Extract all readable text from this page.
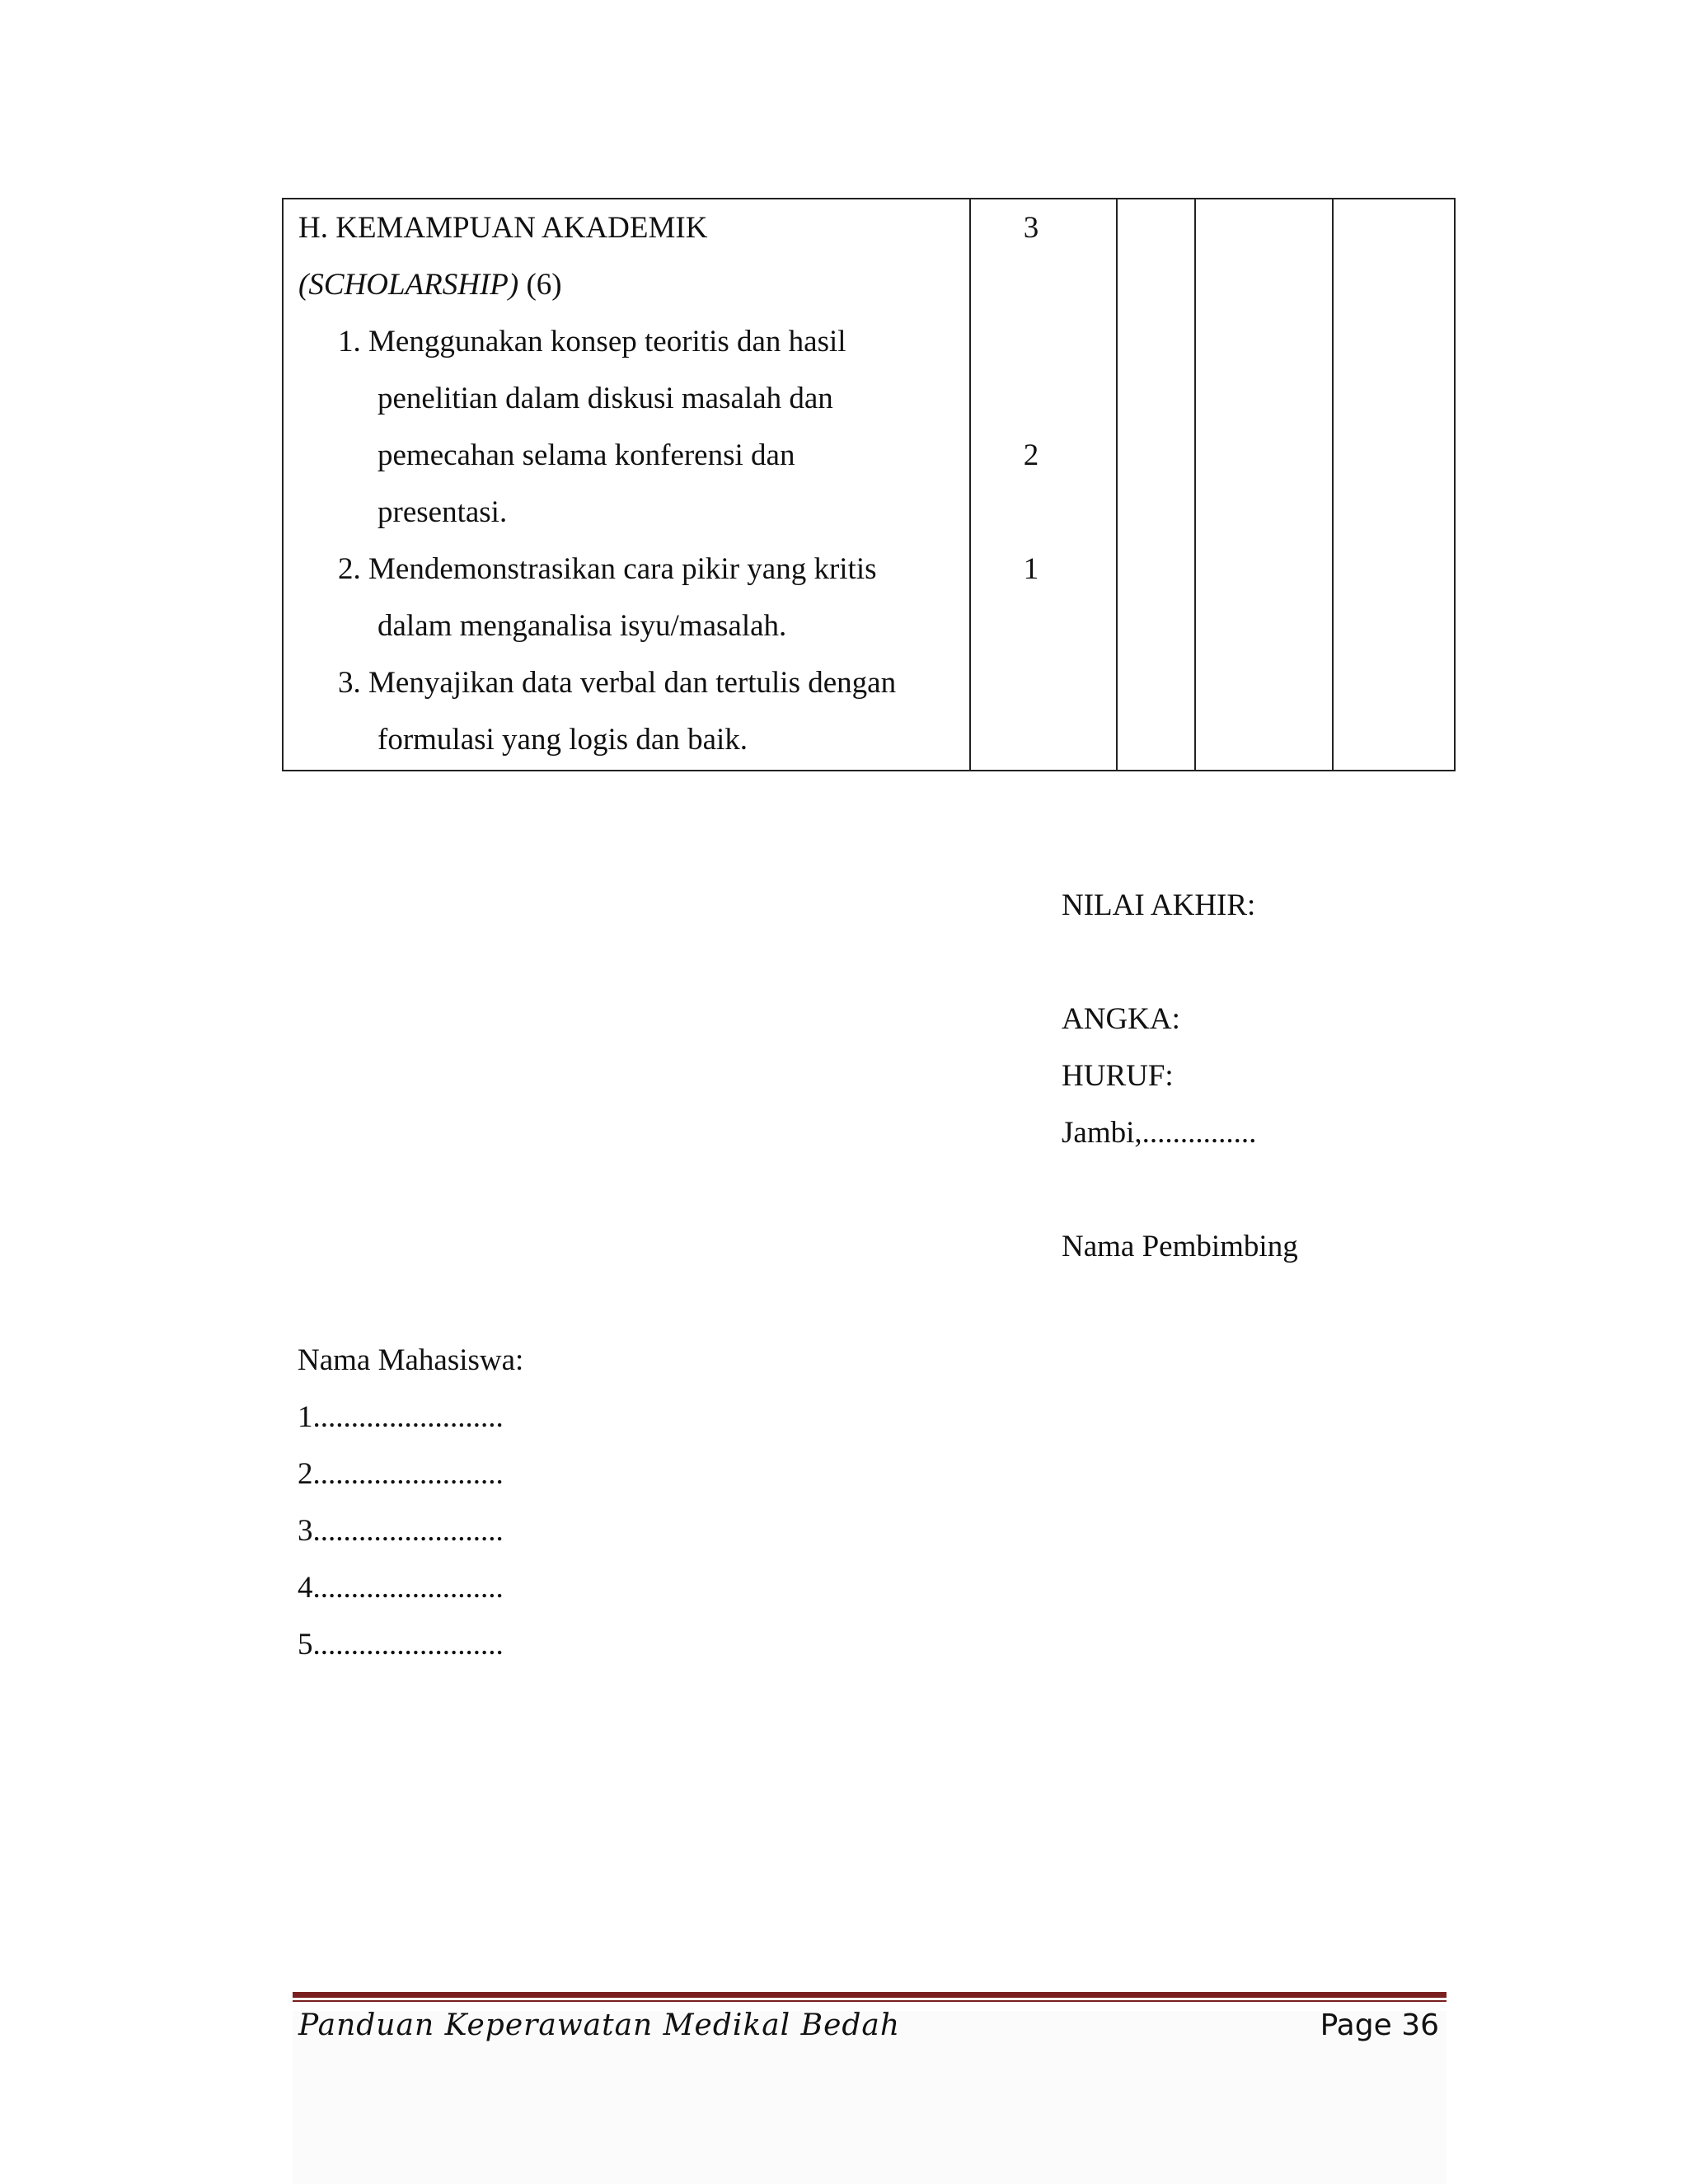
H. KEMAMPUAN AKADEMIK
(SCHOLARSHIP) (6)
1. Menggunakan konsep teoritis dan hasil
penelitian dalam diskusi masalah dan
pemecahan selama konferensi dan
presentasi.
2. Mendemonstrasikan cara pikir yang kritis
dalam menganalisa isyu/masalah.
3. Menyajikan data verbal dan tertulis dengan
formulasi yang logis dan baik.
3
2
1
NILAI AKHIR:
ANGKA:
HURUF:
Jambi,...............
Nama Pembimbing
Nama Mahasiswa:
1.........................
2.........................
3.........................
4.........................
5.........................
Panduan Keperawatan Medikal Bedah	Page 36
